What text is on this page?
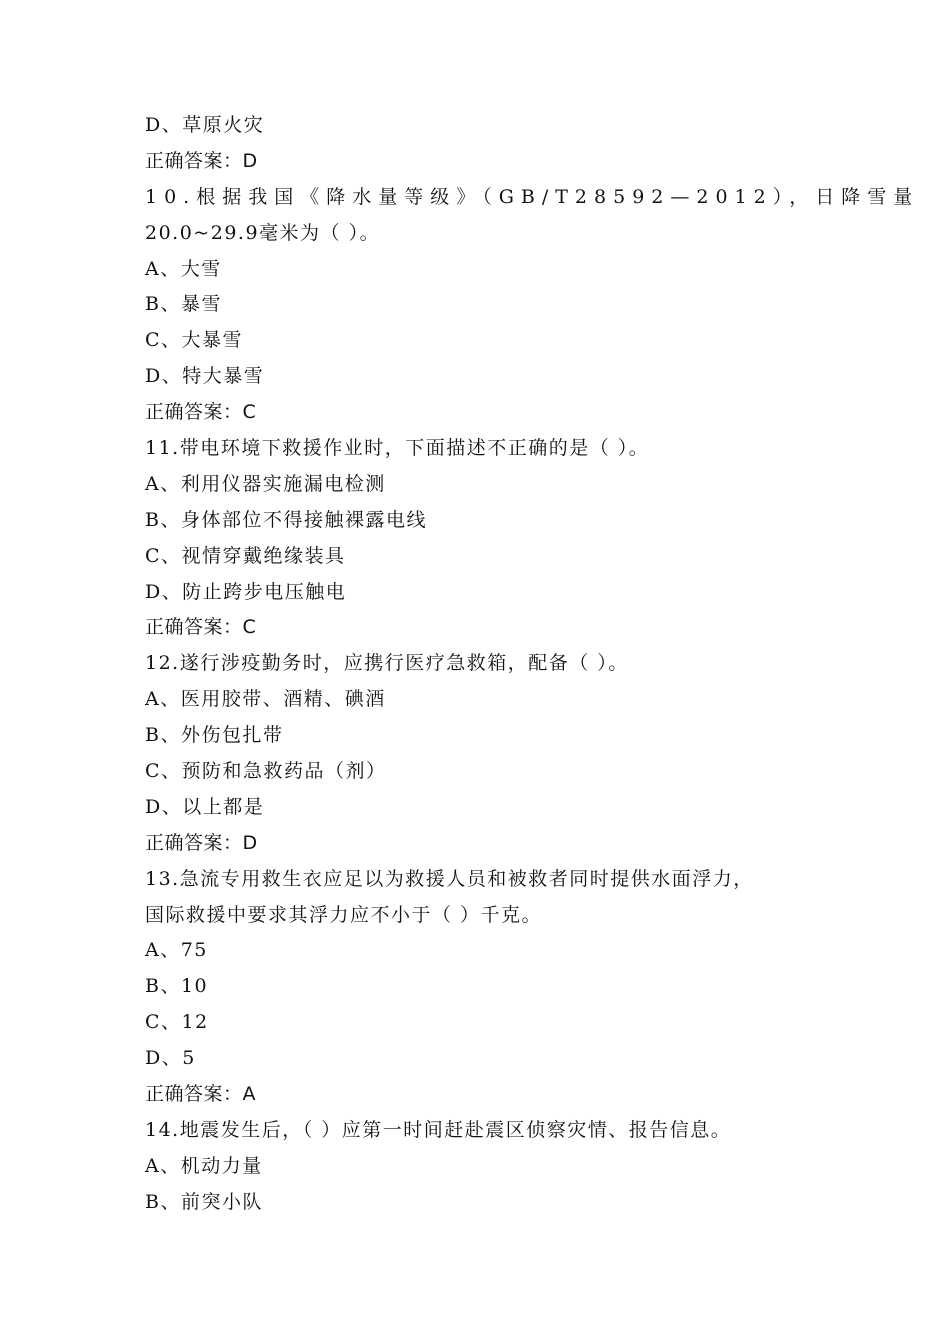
D、草原火灾
正确答案：D
10.根据我国《降水量等级》（GB/T28592—2012），日降雪量
20.0~29.9毫米为（ ）。
A、大雪
B、暴雪
C、大暴雪
D、特大暴雪
正确答案：C
11.带电环境下救援作业时，下面描述不正确的是（ ）。
A、利用仪器实施漏电检测
B、身体部位不得接触裸露电线
C、视情穿戴绝缘装具
D、防止跨步电压触电
正确答案：C
12.遂行涉疫勤务时，应携行医疗急救箱，配备（ ）。
A、医用胶带、酒精、碘酒
B、外伤包扎带
C、预防和急救药品（剂）
D、以上都是
正确答案：D
13.急流专用救生衣应足以为救援人员和被救者同时提供水面浮力，
国际救援中要求其浮力应不小于（ ）千克。
A、75
B、10
C、12
D、5
正确答案：A
14.地震发生后，（ ）应第一时间赶赴震区侦察灾情、报告信息。
A、机动力量
B、前突小队
